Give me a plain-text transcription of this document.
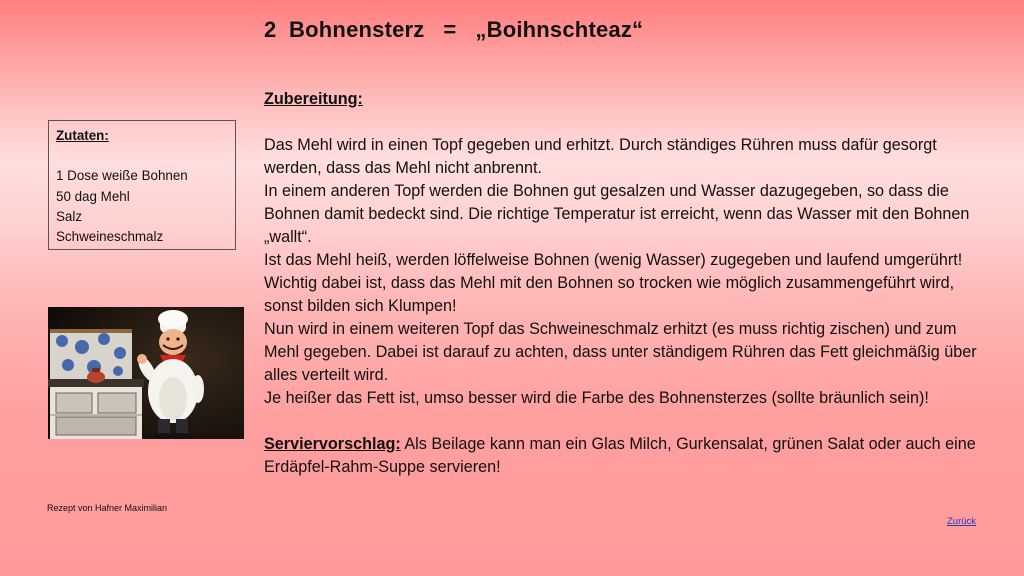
2  Bohnensterz   =   „Boihnschteaz“

Zubereitung:

Das Mehl wird in einen Topf gegeben und erhitzt. Durch ständiges Rühren muss dafür gesorgt werden, dass das Mehl nicht anbrennt.

In einem anderen Topf werden die Bohnen gut gesalzen und Wasser dazugegeben, so dass die Bohnen damit bedeckt sind. Die richtige Temperatur ist erreicht, wenn das Wasser mit den Bohnen „wallt“.

Ist das Mehl heiß, werden löffelweise Bohnen (wenig Wasser) zugegeben und laufend umgerührt!

Wichtig dabei ist, dass das Mehl mit den Bohnen so trocken wie möglich zusammengeführt wird, sonst bilden sich Klumpen!

Nun wird in einem weiteren Topf das Schweineschmalz erhitzt (es muss richtig zischen) und zum Mehl gegeben. Dabei ist darauf zu achten, dass unter ständigem Rühren das Fett gleichmäßig über alles verteilt wird.

Je heißer das Fett ist, umso besser wird die Farbe des Bohnensterzes (sollte bräunlich sein)!

Serviervorschlag: Als Beilage kann man ein Glas Milch, Gurkensalat, grünen Salat oder auch eine Erdäpfel-Rahm-Suppe servieren!

Zutaten:
1 Dose weiße Bohnen
50 dag Mehl
Salz
Schweineschmalz
Rezept von Hafner Maximilian
Zurück
